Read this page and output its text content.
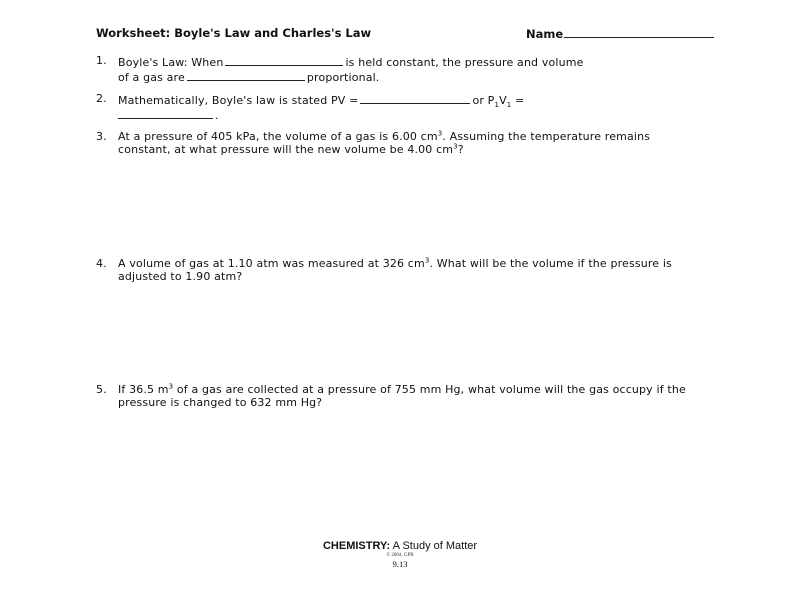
Worksheet: Boyle's Law and Charles's Law	Name
1. Boyle's Law: When	is held constant, the pressure and volume
of a gas are	proportional.
2. Mathematically, Boyle's law is stated PV =	or $P_1V_1$ =
.
3. At a pressure of 405 kPa, the volume of a gas is 6.00 $cm^3$. Assuming the temperature remains constant, at what pressure will the new volume be 4.00 $cm^3$?
4. A volume of gas at 1.10 atm was measured at 326 $cm^3$. What will be the volume if the pressure is adjusted to 1.90 atm?
5. If 36.5 $m^3$ of a gas are collected at a pressure of 755 mm Hg, what volume will the gas occupy if the pressure is changed to 632 mm Hg?
CHEMISTRY: A Study of Matter
© 2004, GPB
9.13
